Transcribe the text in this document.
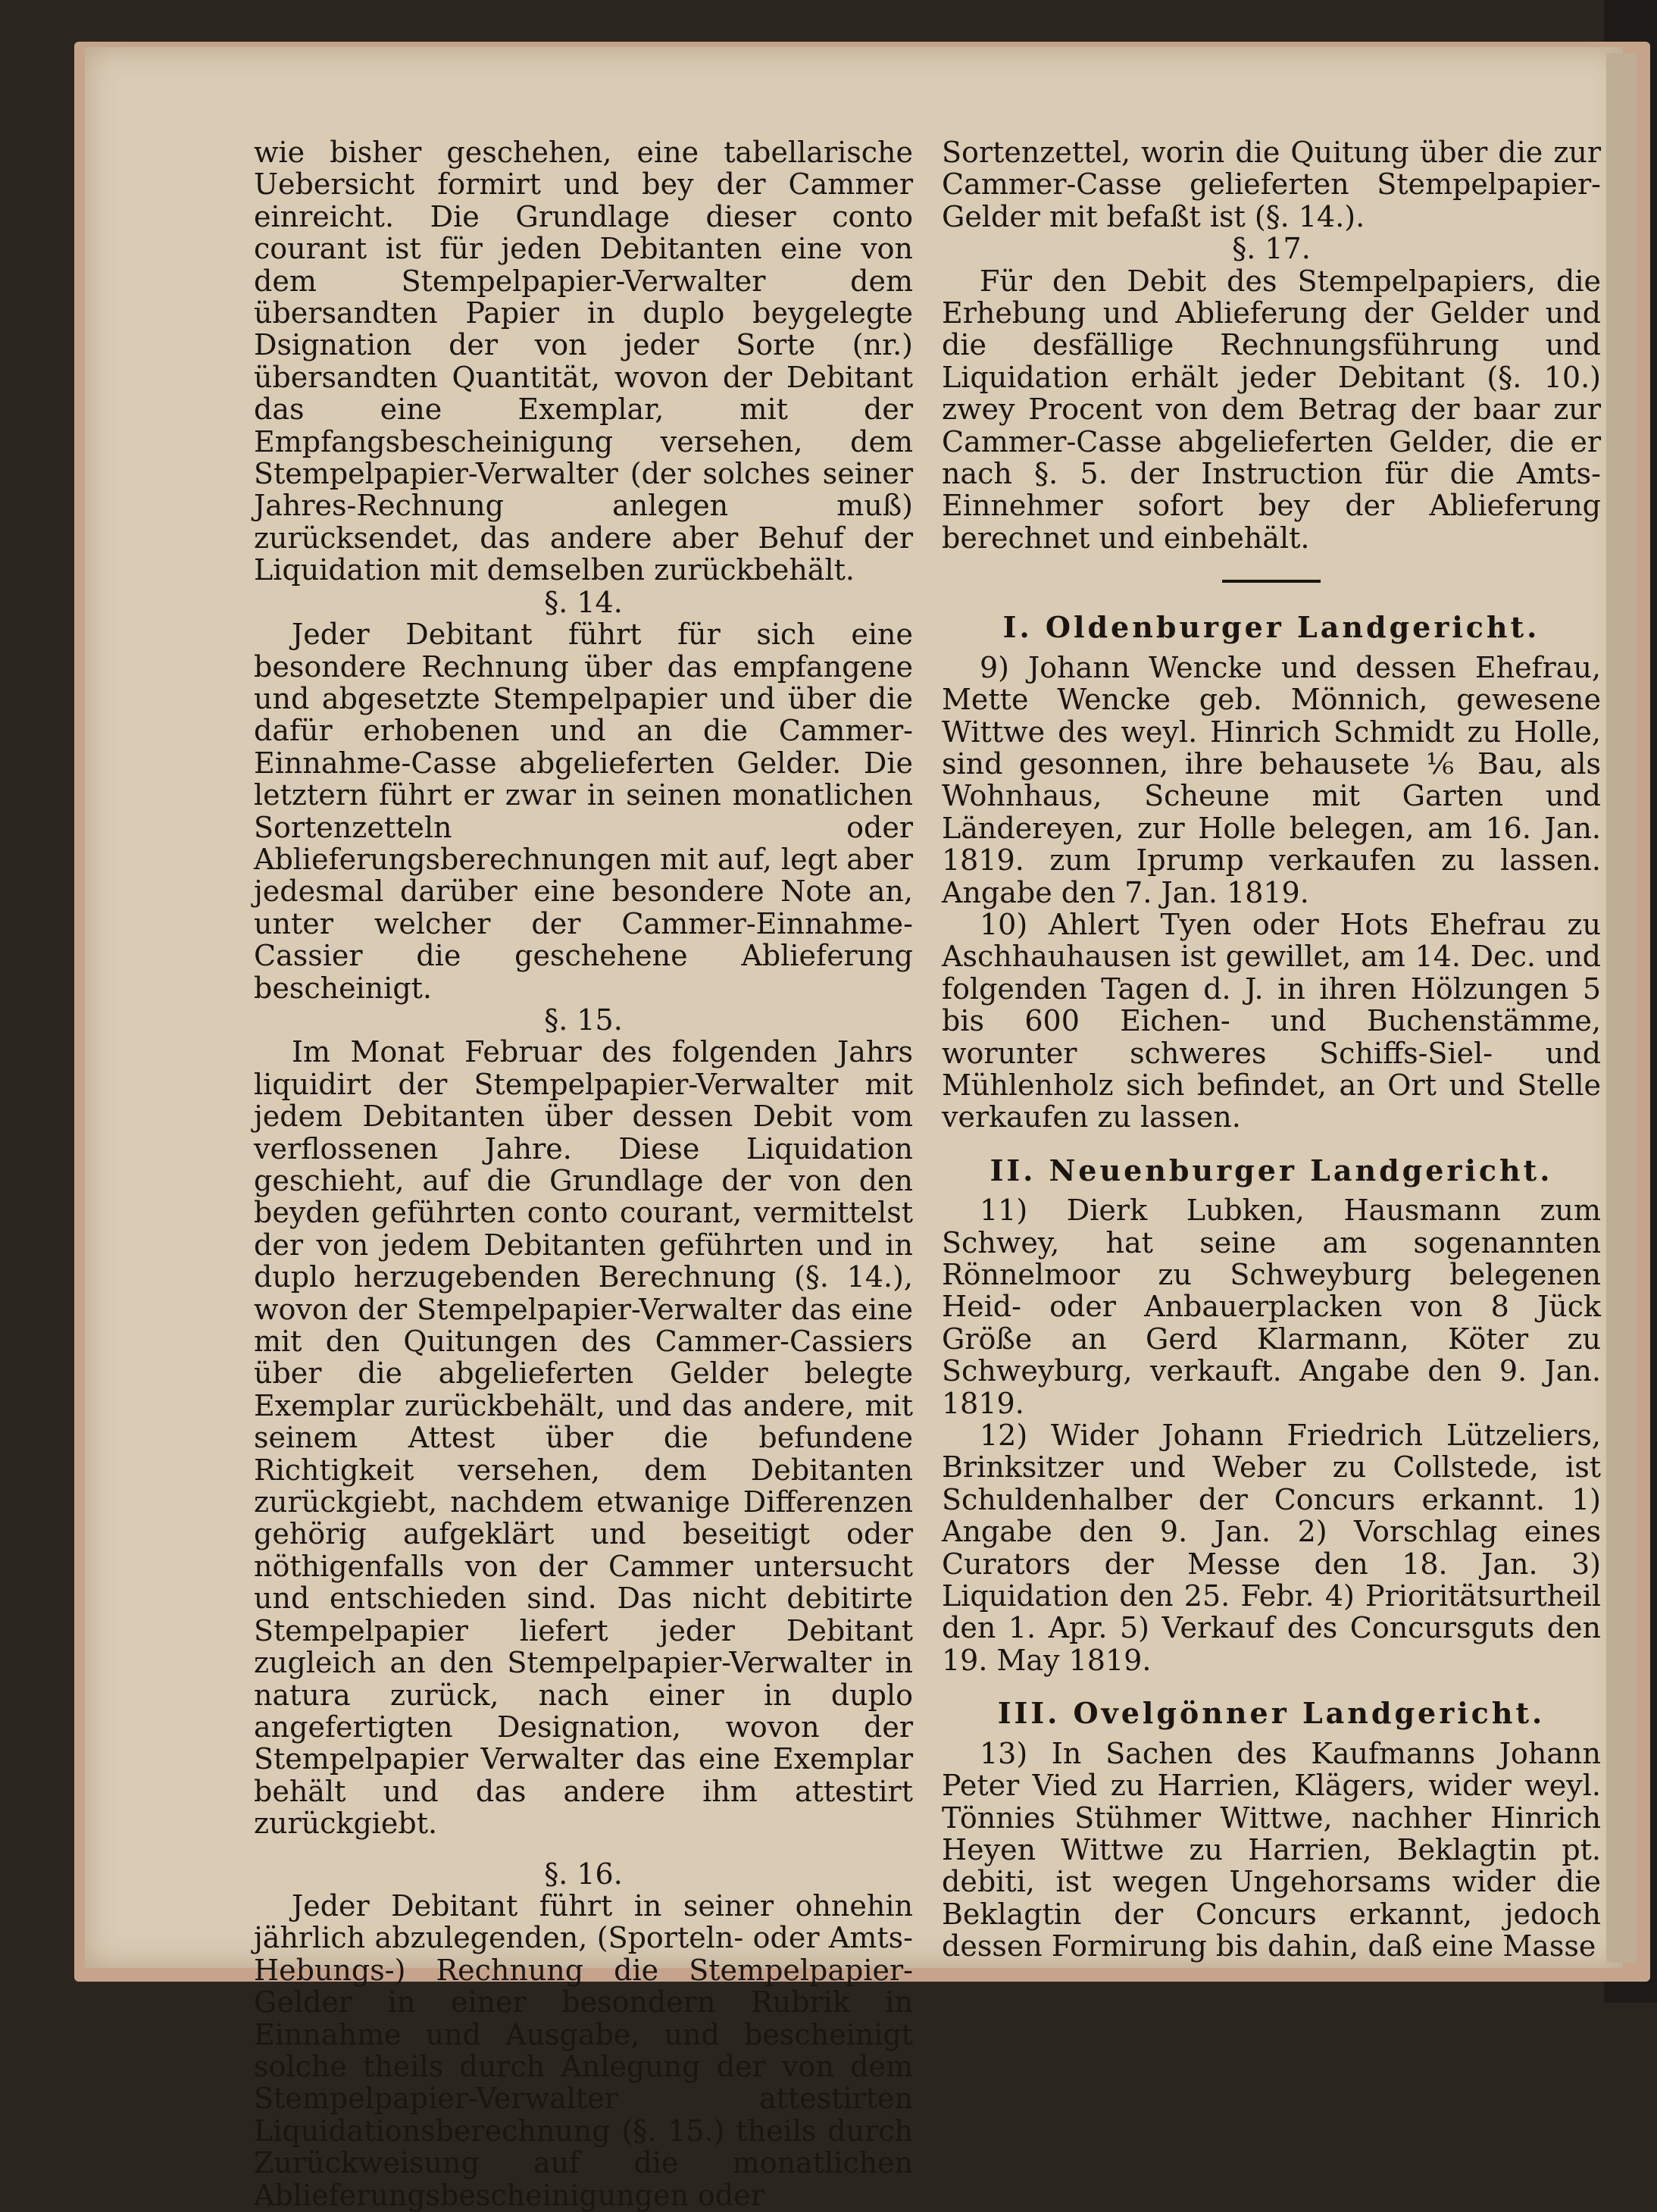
wie bisher geschehen, eine tabellarische Uebersicht formirt und bey der Cammer einreicht. Die Grundlage dieser conto courant ist für jeden Debitanten eine von dem Stempelpapier-Verwalter dem übersandten Papier in duplo beygelegte Dsignation der von jeder Sorte (nr.) übersandten Quantität, wovon der Debitant das eine Exemplar, mit der Empfangsbescheinigung versehen, dem Stempelpapier-Verwalter (der solches seiner Jahres-Rechnung anlegen muß) zurücksendet, das andere aber Behuf der Liquidation mit demselben zurückbehält.

§. 14.

Jeder Debitant führt für sich eine besondere Rechnung über das empfangene und abgesetzte Stempelpapier und über die dafür erhobenen und an die Cammer-Einnahme-Casse abgelieferten Gelder. Die letztern führt er zwar in seinen monatlichen Sortenzetteln oder Ablieferungsberechnungen mit auf, legt aber jedesmal darüber eine besondere Note an, unter welcher der Cammer-Einnahme-Cassier die geschehene Ablieferung bescheinigt.

§. 15.

Im Monat Februar des folgenden Jahrs liquidirt der Stempelpapier-Verwalter mit jedem Debitanten über dessen Debit vom verflossenen Jahre. Diese Liquidation geschieht, auf die Grundlage der von den beyden geführten conto courant, vermittelst der von jedem Debitanten geführten und in duplo herzugebenden Berechnung (§. 14.), wovon der Stempelpapier-Verwalter das eine mit den Quitungen des Cammer-Cassiers über die abgelieferten Gelder belegte Exemplar zurückbehält, und das andere, mit seinem Attest über die befundene Richtigkeit versehen, dem Debitanten zurückgiebt, nachdem etwanige Differenzen gehörig aufgeklärt und beseitigt oder nöthigenfalls von der Cammer untersucht und entschieden sind. Das nicht debitirte Stempelpapier liefert jeder Debitant zugleich an den Stempelpapier-Verwalter in natura zurück, nach einer in duplo angefertigten Designation, wovon der Stempelpapier Verwalter das eine Exemplar behält und das andere ihm attestirt zurückgiebt.

§. 16.

Jeder Debitant führt in seiner ohnehin jährlich abzulegenden, (Sporteln- oder Amts-Hebungs-) Rechnung die Stempelpapier-Gelder in einer besondern Rubrik in Einnahme und Ausgabe, und bescheinigt solche theils durch Anlegung der von dem Stempelpapier-Verwalter attestirten Liquidationsberechnung (§. 15.) theils durch Zurückweisung auf die monatlichen Ablieferungsbescheinigungen oder

Sortenzettel, worin die Quitung über die zur Cammer-Casse gelieferten Stempelpapier-Gelder mit befaßt ist (§. 14.).

§. 17.

Für den Debit des Stempelpapiers, die Erhebung und Ablieferung der Gelder und die desfällige Rechnungsführung und Liquidation erhält jeder Debitant (§. 10.) zwey Procent von dem Betrag der baar zur Cammer-Casse abgelieferten Gelder, die er nach §. 5. der Instruction für die Amts-Einnehmer sofort bey der Ablieferung berechnet und einbehält.

I. Oldenburger Landgericht.

9) Johann Wencke und dessen Ehefrau, Mette Wencke geb. Mönnich, gewesene Wittwe des weyl. Hinrich Schmidt zu Holle, sind gesonnen, ihre behausete ⅙ Bau, als Wohnhaus, Scheune mit Garten und Ländereyen, zur Holle belegen, am 16. Jan. 1819. zum Iprump verkaufen zu lassen. Angabe den 7. Jan. 1819.

10) Ahlert Tyen oder Hots Ehefrau zu Aschhauhausen ist gewillet, am 14. Dec. und folgenden Tagen d. J. in ihren Hölzungen 5 bis 600 Eichen- und Buchenstämme, worunter schweres Schiffs-Siel- und Mühlenholz sich befindet, an Ort und Stelle verkaufen zu lassen.

II. Neuenburger Landgericht.

11) Dierk Lubken, Hausmann zum Schwey, hat seine am sogenannten Rönnelmoor zu Schweyburg belegenen Heid- oder Anbauerplacken von 8 Jück Größe an Gerd Klarmann, Köter zu Schweyburg, verkauft. Angabe den 9. Jan. 1819.

12) Wider Johann Friedrich Lützeliers, Brinksitzer und Weber zu Collstede, ist Schuldenhalber der Concurs erkannt. 1) Angabe den 9. Jan. 2) Vorschlag eines Curators der Messe den 18. Jan. 3) Liquidation den 25. Febr. 4) Prioritätsurtheil den 1. Apr. 5) Verkauf des Concursguts den 19. May 1819.

III. Ovelgönner Landgericht.

13) In Sachen des Kaufmanns Johann Peter Vied zu Harrien, Klägers, wider weyl. Tönnies Stühmer Wittwe, nachher Hinrich Heyen Wittwe zu Harrien, Beklagtin pt. debiti, ist wegen Ungehorsams wider die Beklagtin der Concurs erkannt, jedoch dessen Formirung bis dahin, daß eine Masse
